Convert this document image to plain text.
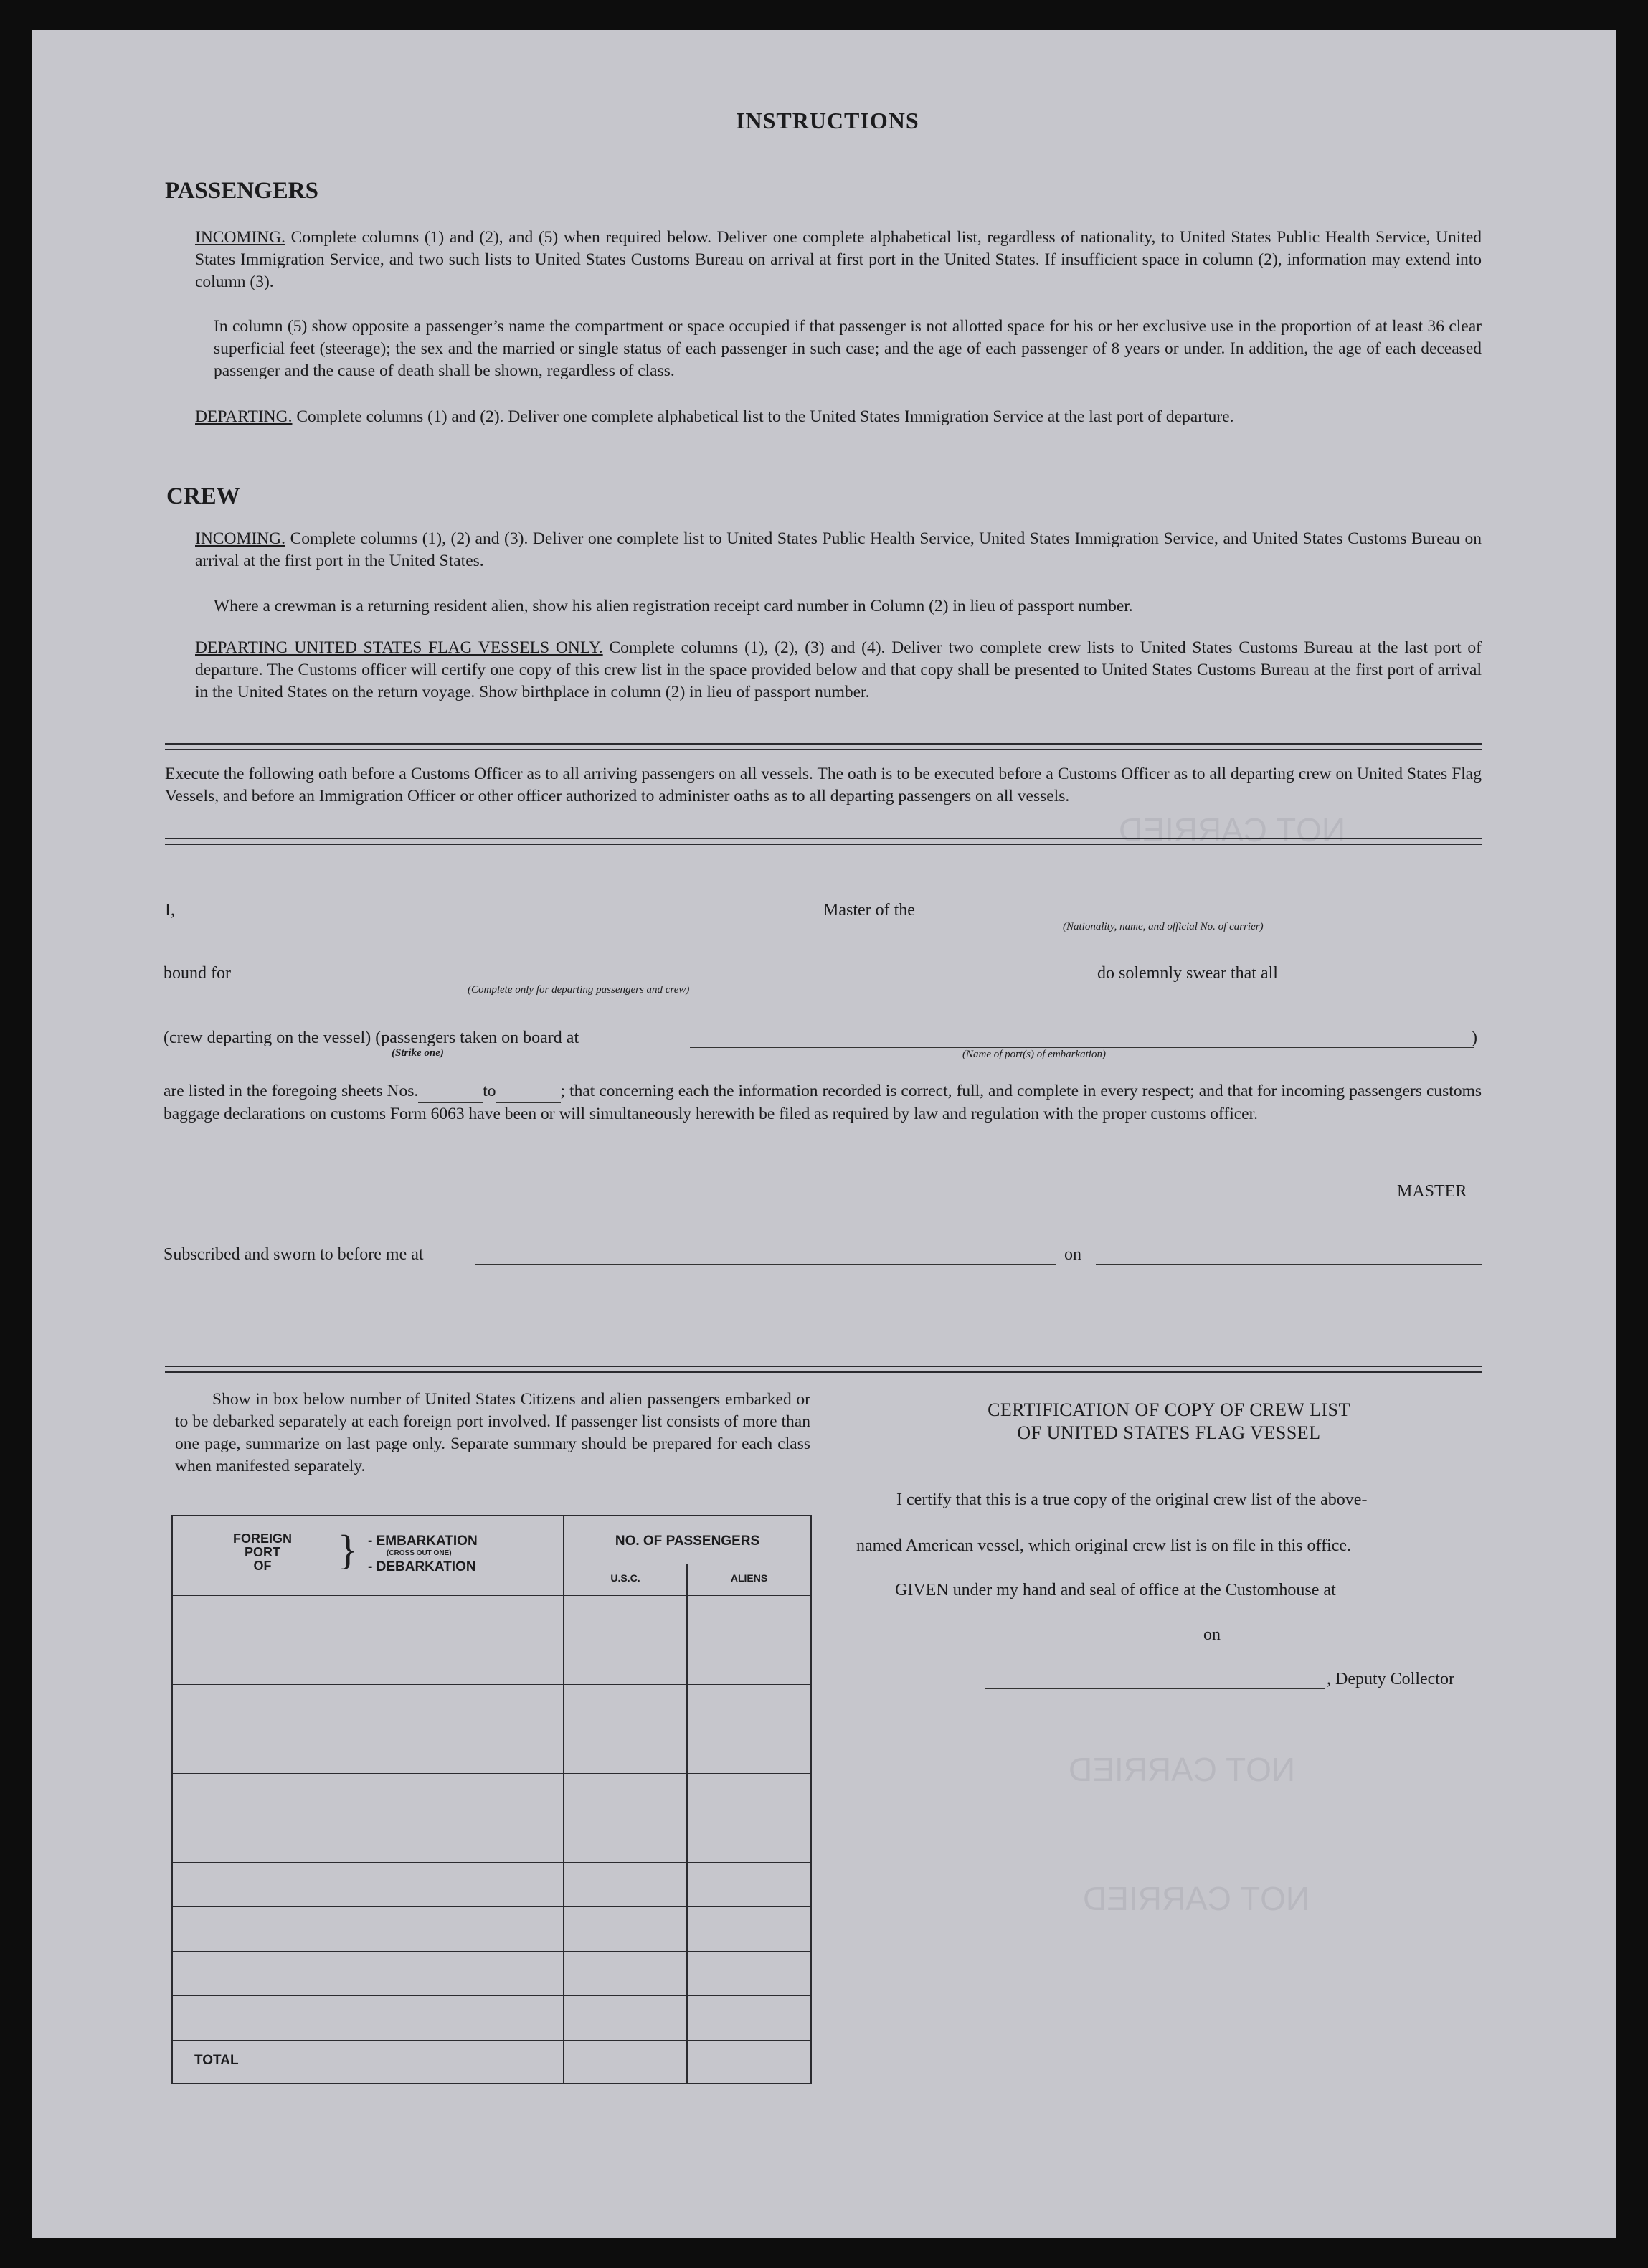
NOT CARRIED
NOT CARRIED
NOT CARRIED
INSTRUCTIONS
PASSENGERS
INCOMING. Complete columns (1) and (2), and (5) when required below. Deliver one complete alphabetical list, regardless of nationality, to United States Public Health Service, United States Immigration Service, and two such lists to United States Customs Bureau on arrival at first port in the United States. If insufficient space in column (2), information may extend into column (3).
In column (5) show opposite a passenger’s name the compartment or space occupied if that passenger is not allotted space for his or her exclusive use in the proportion of at least 36 clear superficial feet (steerage); the sex and the married or single status of each passenger in such case; and the age of each passenger of 8 years or under. In addition, the age of each deceased passenger and the cause of death shall be shown, regardless of class.
DEPARTING. Complete columns (1) and (2). Deliver one complete alphabetical list to the United States Immigration Service at the last port of departure.
CREW
INCOMING. Complete columns (1), (2) and (3). Deliver one complete list to United States Public Health Service, United States Immigration Service, and United States Customs Bureau on arrival at the first port in the United States.
Where a crewman is a returning resident alien, show his alien registration receipt card number in Column (2) in lieu of passport number.
DEPARTING UNITED STATES FLAG VESSELS ONLY. Complete columns (1), (2), (3) and (4). Deliver two complete crew lists to United States Customs Bureau at the last port of departure. The Customs officer will certify one copy of this crew list in the space provided below and that copy shall be presented to United States Customs Bureau at the first port of arrival in the United States on the return voyage. Show birthplace in column (2) in lieu of passport number.
Execute the following oath before a Customs Officer as to all arriving passengers on all vessels. The oath is to be executed before a Customs Officer as to all departing crew on United States Flag Vessels, and before an Immigration Officer or other officer authorized to administer oaths as to all departing passengers on all vessels.
I,	Master of the
(Nationality, name, and official No. of carrier)
bound for
(Complete only for departing passengers and crew)
do solemnly swear that all
(crew departing on the vessel) (passengers taken on board at	)
(Strike one)	(Name of port(s) of embarkation)
are listed in the foregoing sheets Nos.	to	; that concerning each the information recorded is correct, full, and complete in every respect; and that for incoming passengers customs baggage declarations on customs Form 6063 have been or will simultaneously herewith be filed as required by law and regulation with the proper customs officer.
MASTER
Subscribed and sworn to before me at	on
Show in box below number of United States Citizens and alien passengers embarked or to be debarked separately at each foreign port involved. If passenger list consists of more than one page, summarize on last page only. Separate summary should be prepared for each class when manifested separately.
FOREIGN
PORT
OF	} - EMBARKATION
(CROSS OUT ONE)
- DEBARKATION
NO. OF PASSENGERS
U.S.C.	ALIENS
TOTAL
CERTIFICATION OF COPY OF CREW LIST
OF UNITED STATES FLAG VESSEL
I certify that this is a true copy of the original crew list of the above-
named American vessel, which original crew list is on file in this office.
GIVEN under my hand and seal of office at the Customhouse at
on
, Deputy Collector
